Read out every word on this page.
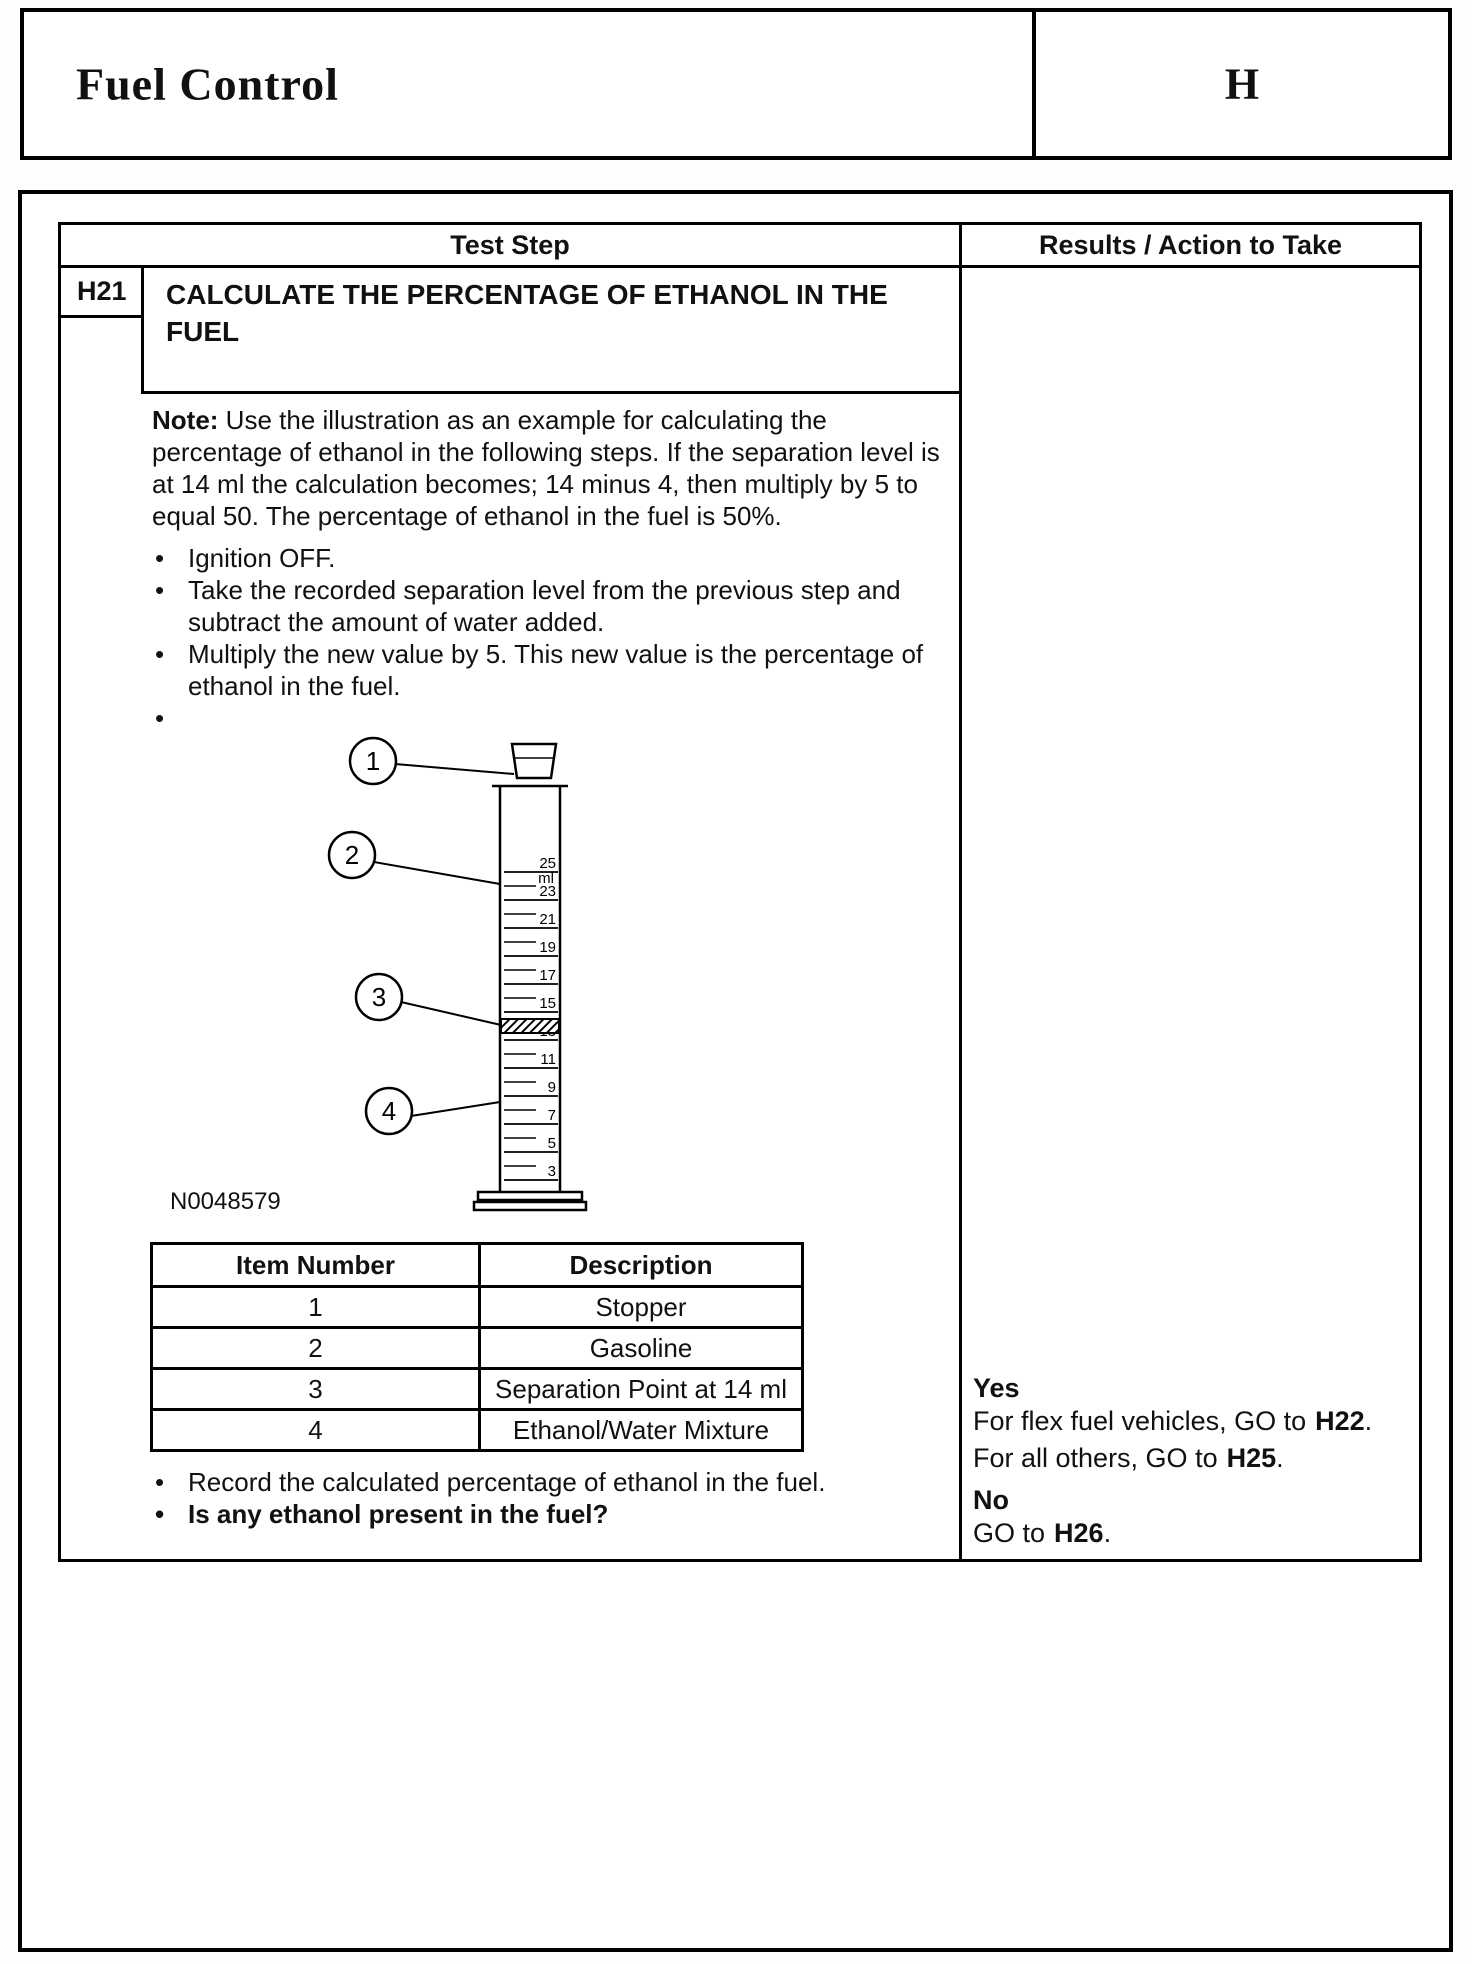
Fuel Control	H
Test Step	Results / Action to Take
H21	CALCULATE THE PERCENTAGE OF ETHANOL IN THE FUEL
Note: Use the illustration as an example for calculating the percentage of ethanol in the following steps. If the separation level is at 14 ml the calculation becomes; 14 minus 4, then multiply by 5 to equal 50. The percentage of ethanol in the fuel is 50%.
• Ignition OFF.
• Take the recorded separation level from the previous step and subtract the amount of water added.
• Multiply the new value by 5. This new value is the percentage of ethanol in the fuel.
•
1
2
3
4
25
ml
23
21
19
17
15
11
9
7
5
3
N0048579
Item Number	Description
1	Stopper
2	Gasoline
3	Separation Point at 14 ml
4	Ethanol/Water Mixture
• Record the calculated percentage of ethanol in the fuel.
• Is any ethanol present in the fuel?
Yes
For flex fuel vehicles, GO to H22.
For all others, GO to H25.
No
GO to H26.
